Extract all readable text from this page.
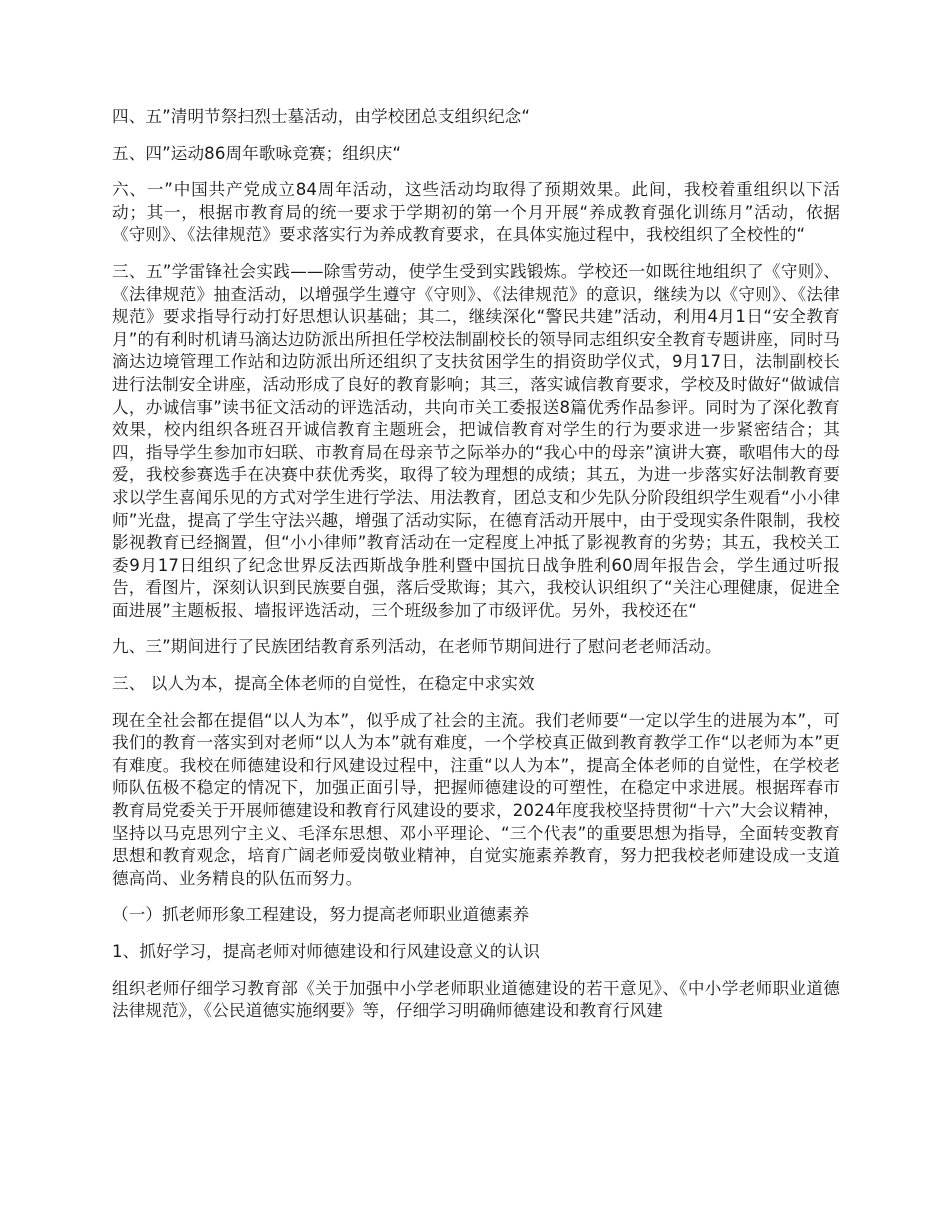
四、五”清明节祭扫烈士墓活动，由学校团总支组织纪念“

五、四”运动86周年歌咏竞赛；组织庆“

六、一”中国共产党成立84周年活动，这些活动均取得了预期效果。此间，我校着重组织以下活动；其一，根据市教育局的统一要求于学期初的第一个月开展“养成教育强化训练月”活动，依据《守则》、《法律规范》要求落实行为养成教育要求，在具体实施过程中，我校组织了全校性的“

三、五”学雷锋社会实践——除雪劳动，使学生受到实践锻炼。学校还一如既往地组织了《守则》、《法律规范》抽查活动，以增强学生遵守《守则》、《法律规范》的意识，继续为以《守则》、《法律规范》要求指导行动打好思想认识基础；其二，继续深化“警民共建”活动，利用4月1日“安全教育月”的有利时机请马滴达边防派出所担任学校法制副校长的领导同志组织安全教育专题讲座，同时马滴达边境管理工作站和边防派出所还组织了支扶贫困学生的捐资助学仪式，9月17日，法制副校长进行法制安全讲座，活动形成了良好的教育影响；其三，落实诚信教育要求，学校及时做好“做诚信人，办诚信事”读书征文活动的评选活动，共向市关工委报送8篇优秀作品参评。同时为了深化教育效果，校内组织各班召开诚信教育主题班会，把诚信教育对学生的行为要求进一步紧密结合；其四，指导学生参加市妇联、市教育局在母亲节之际举办的“我心中的母亲”演讲大赛，歌唱伟大的母爱，我校参赛选手在决赛中获优秀奖，取得了较为理想的成绩；其五，为进一步落实好法制教育要求以学生喜闻乐见的方式对学生进行学法、用法教育，团总支和少先队分阶段组织学生观看“小小律师”光盘，提高了学生守法兴趣，增强了活动实际，在德育活动开展中，由于受现实条件限制，我校影视教育已经搁置，但“小小律师”教育活动在一定程度上冲抵了影视教育的劣势；其五，我校关工委9月17日组织了纪念世界反法西斯战争胜利暨中国抗日战争胜利60周年报告会，学生通过听报告，看图片，深刻认识到民族要自强，落后受欺诲；其六，我校认识组织了“关注心理健康，促进全面进展”主题板报、墙报评选活动，三个班级参加了市级评优。另外，我校还在“

九、三”期间进行了民族团结教育系列活动，在老师节期间进行了慰问老老师活动。

三、 以人为本，提高全体老师的自觉性，在稳定中求实效

现在全社会都在提倡“以人为本”，似乎成了社会的主流。我们老师要“一定以学生的进展为本”，可我们的教育一落实到对老师“以人为本”就有难度，一个学校真正做到教育教学工作“以老师为本”更有难度。我校在师德建设和行风建设过程中，注重“以人为本”，提高全体老师的自觉性，在学校老师队伍极不稳定的情况下，加强正面引导，把握师德建设的可塑性，在稳定中求进展。根据珲春市教育局党委关于开展师德建设和教育行风建设的要求，2024年度我校坚持贯彻“十六”大会议精神，坚持以马克思列宁主义、毛泽东思想、邓小平理论、“三个代表”的重要思想为指导，全面转变教育思想和教育观念，培育广阔老师爱岗敬业精神，自觉实施素养教育，努力把我校老师建设成一支道德高尚、业务精良的队伍而努力。

（一）抓老师形象工程建设，努力提高老师职业道德素养

1、抓好学习，提高老师对师德建设和行风建设意义的认识

组织老师仔细学习教育部《关于加强中小学老师职业道德建设的若干意见》、《中小学老师职业道德法律规范》，《公民道德实施纲要》等，仔细学习明确师德建设和教育行风建
